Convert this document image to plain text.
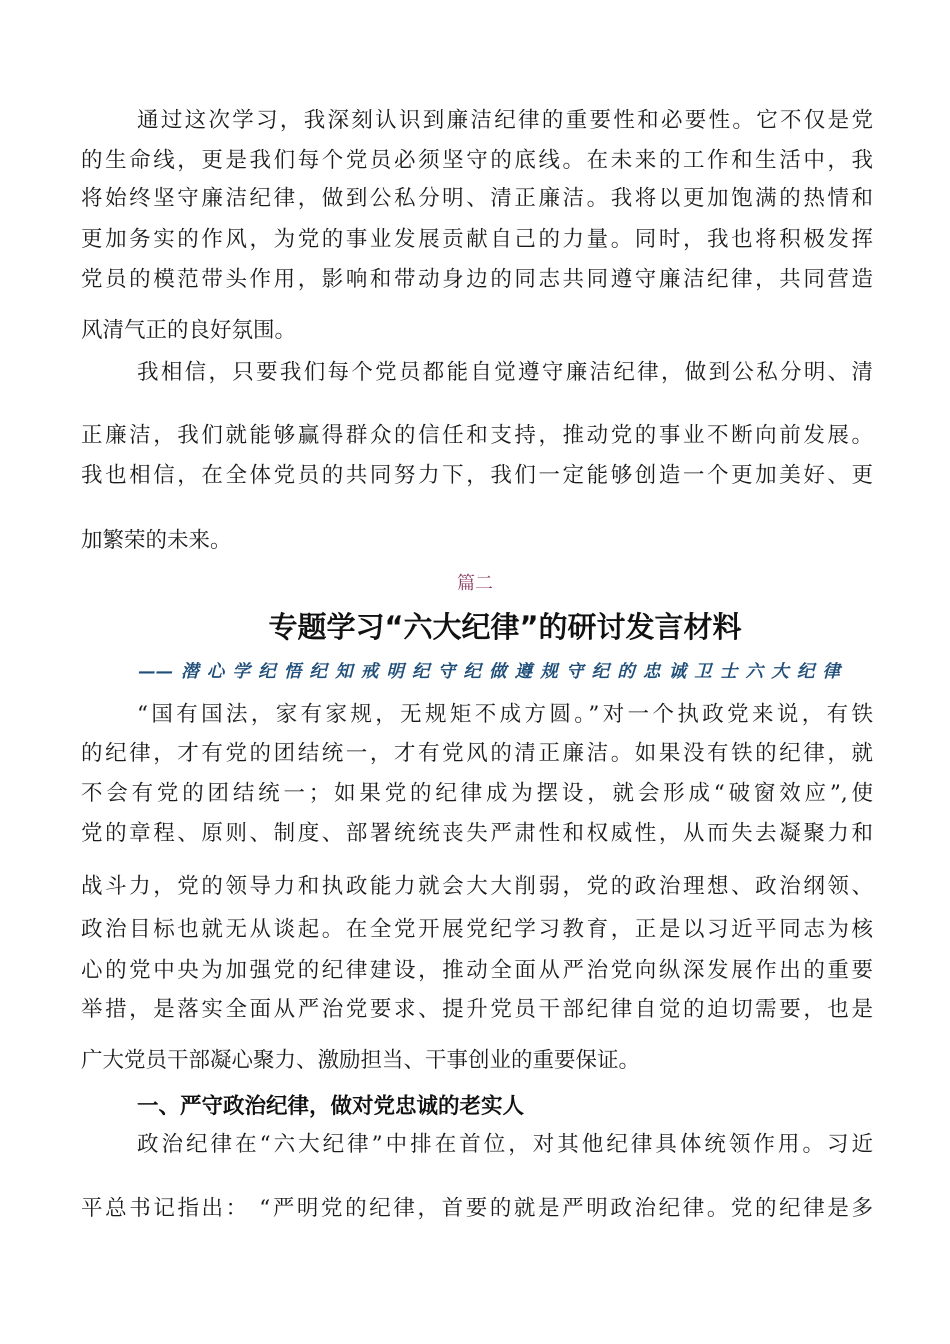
通过这次学习，我深刻认识到廉洁纪律的重要性和必要性。它不仅是党
的生命线，更是我们每个党员必须坚守的底线。在未来的工作和生活中，我
将始终坚守廉洁纪律，做到公私分明、清正廉洁。我将以更加饱满的热情和
更加务实的作风，为党的事业发展贡献自己的力量。同时，我也将积极发挥
党员的模范带头作用，影响和带动身边的同志共同遵守廉洁纪律，共同营造
风清气正的良好氛围。
我相信，只要我们每个党员都能自觉遵守廉洁纪律，做到公私分明、清
正廉洁，我们就能够赢得群众的信任和支持，推动党的事业不断向前发展。
我也相信，在全体党员的共同努力下，我们一定能够创造一个更加美好、更
加繁荣的未来。
篇二
专题学习“六大纪律”的研讨发言材料
——潜心学纪悟纪知戒明纪守纪做遵规守纪的忠诚卫士六大纪律
“国有国法，家有家规，无规矩不成方圆。”对一个执政党来说，有铁
的纪律，才有党的团结统一，才有党风的清正廉洁。如果没有铁的纪律，就
不会有党的团结统一；如果党的纪律成为摆设，就会形成“破窗效应”,使
党的章程、原则、制度、部署统统丧失严肃性和权威性，从而失去凝聚力和
战斗力，党的领导力和执政能力就会大大削弱，党的政治理想、政治纲领、
政治目标也就无从谈起。在全党开展党纪学习教育，正是以习近平同志为核
心的党中央为加强党的纪律建设，推动全面从严治党向纵深发展作出的重要
举措，是落实全面从严治党要求、提升党员干部纪律自觉的迫切需要，也是
广大党员干部凝心聚力、激励担当、干事创业的重要保证。
一、严守政治纪律，做对党忠诚的老实人
政治纪律在“六大纪律”中排在首位，对其他纪律具体统领作用。习近
平总书记指出： “严明党的纪律，首要的就是严明政治纪律。党的纪律是多
